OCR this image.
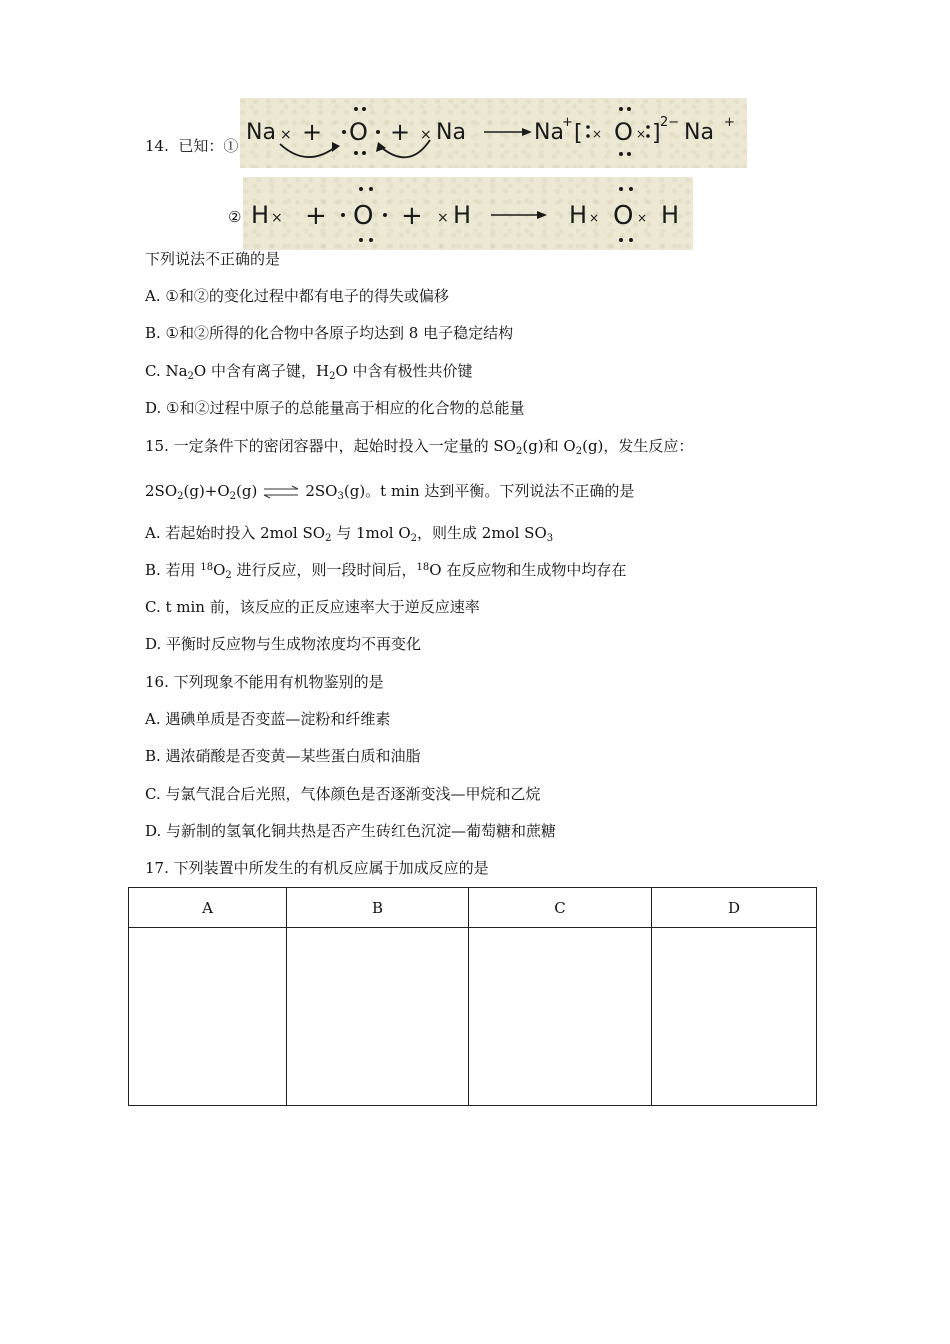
14. 已知：①
Na × + O + × Na	Na
+ [ × O × ] 2− Na +
② H × + O + × H	H × O × H
下列说法不正确的是
A. ①和②的变化过程中都有电子的得失或偏移
B. ①和②所得的化合物中各原子均达到 8 电子稳定结构
C. $Na_2O$ 中含有离子键，$H_2O$ 中含有极性共价键
D. ①和②过程中原子的总能量高于相应的化合物的总能量
15. 一定条件下的密闭容器中，起始时投入一定量的 $SO_2(g)$和 $O_2(g)$，发生反应：
$2SO_2(g)+O_2(g)$ ⇌ $2SO_3(g)$。t min 达到平衡。下列说法不正确的是
A. 若起始时投入 2mol $SO_2$ 与 1mol $O_2$，则生成 2mol $SO_3$
B. 若用 $^{18}O_2$ 进行反应，则一段时间后，$^{18}$O 在反应物和生成物中均存在
C. t min 前，该反应的正反应速率大于逆反应速率
D. 平衡时反应物与生成物浓度均不再变化
16. 下列现象不能用有机物鉴别的是
A. 遇碘单质是否变蓝—淀粉和纤维素
B. 遇浓硝酸是否变黄—某些蛋白质和油脂
C. 与氯气混合后光照，气体颜色是否逐渐变浅—甲烷和乙烷
D. 与新制的氢氧化铜共热是否产生砖红色沉淀—葡萄糖和蔗糖
17. 下列装置中所发生的有机反应属于加成反应的是
A	B	C	D
